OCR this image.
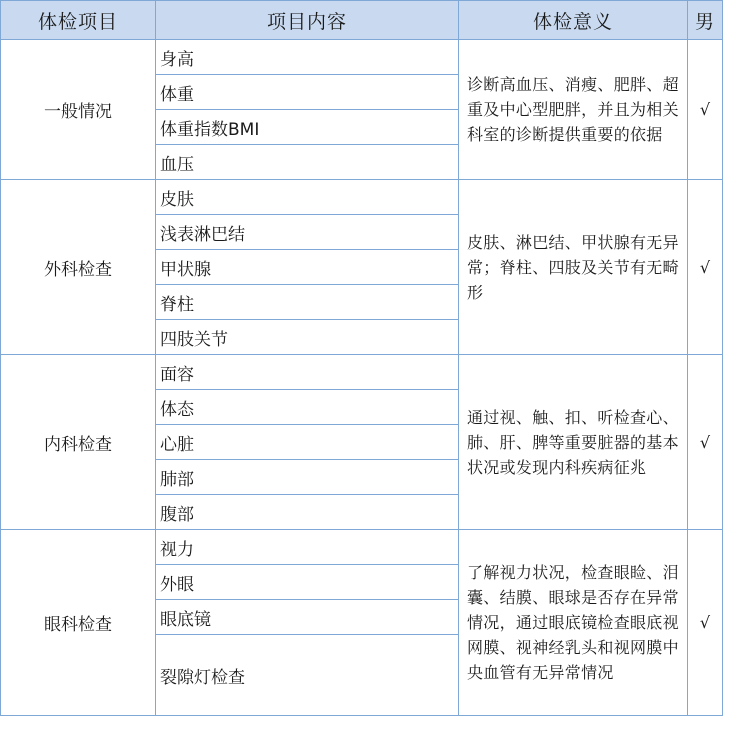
体检项目	项目内容	体检意义	男
一般情况	身高	诊断高血压、消瘦、肥胖、超重及中心型肥胖，并且为相关科室的诊断提供重要的依据	√
	体重		
	体重指数BMI		
	血压		
外科检查	皮肤	皮肤、淋巴结、甲状腺有无异常；脊柱、四肢及关节有无畸形	√
	浅表淋巴结		
	甲状腺		
	脊柱		
	四肢关节		
内科检查	面容	通过视、触、扣、听检查心、肺、肝、脾等重要脏器的基本状况或发现内科疾病征兆	√
	体态		
	心脏		
	肺部		
	腹部		
眼科检查	视力	了解视力状况，检查眼睑、泪囊、结膜、眼球是否存在异常情况，通过眼底镜检查眼底视网膜、视神经乳头和视网膜中央血管有无异常情况	√
	外眼		
	眼底镜		
	裂隙灯检查		
